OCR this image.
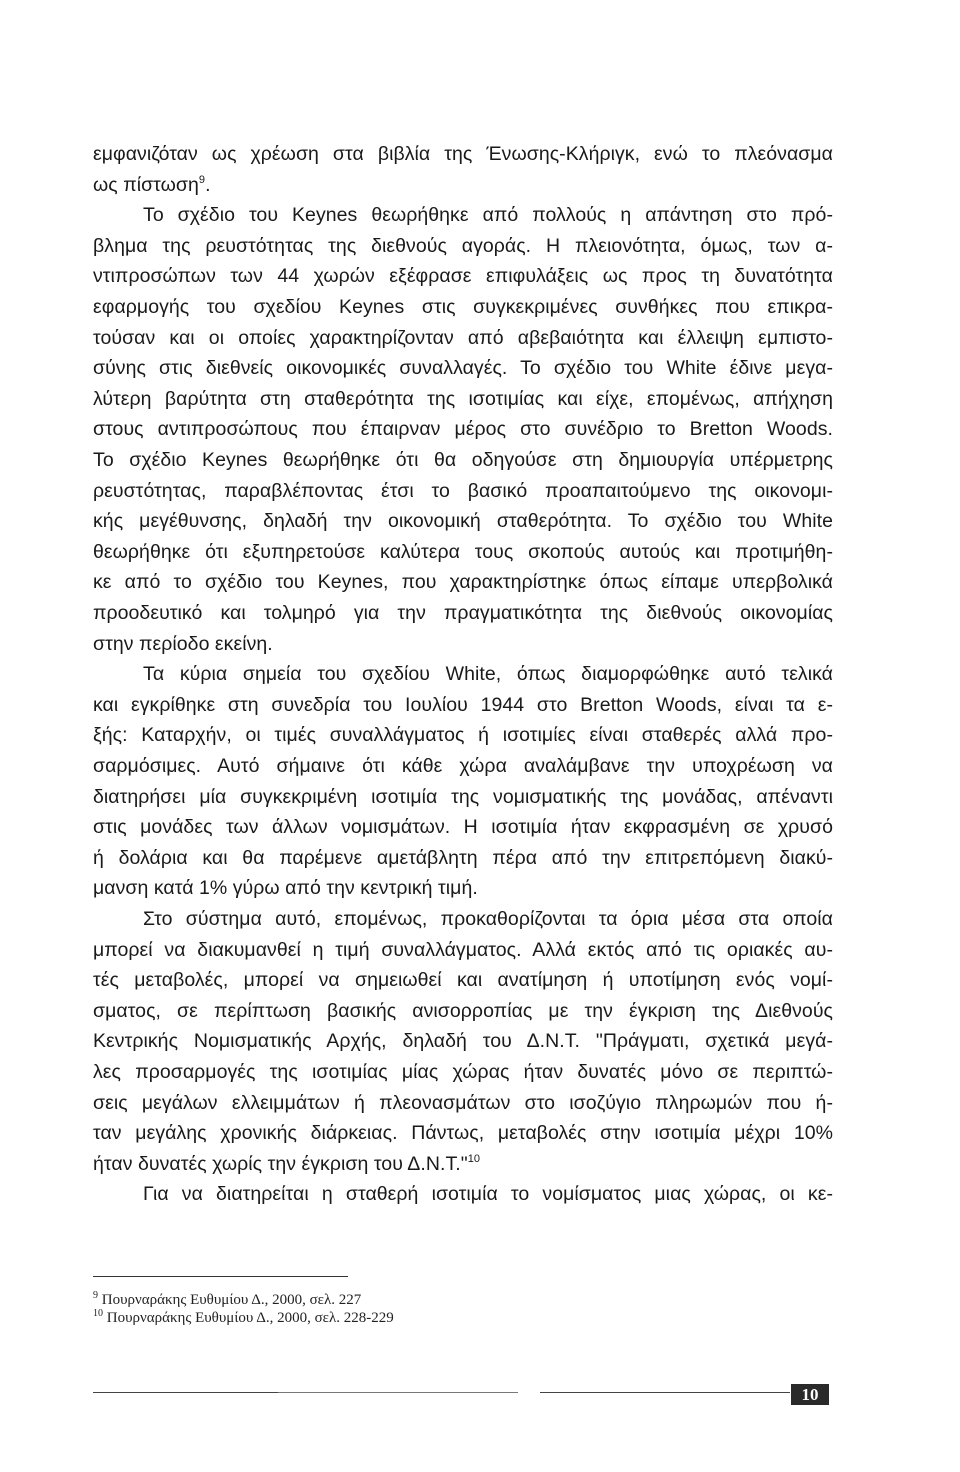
εμφανιζόταν ως χρέωση στα βιβλία της Ένωσης-Κλήριγκ, ενώ το πλεόνασμα
ως πίστωση$^9$.
Το σχέδιο του Keynes θεωρήθηκε από πολλούς η απάντηση στο πρό-
βλημα της ρευστότητας της διεθνούς αγοράς. Η πλειονότητα, όμως, των α-
ντιπροσώπων των 44 χωρών εξέφρασε επιφυλάξεις ως προς τη δυνατότητα
εφαρμογής του σχεδίου Keynes στις συγκεκριμένες συνθήκες που επικρα-
τούσαν και οι οποίες χαρακτηρίζονταν από αβεβαιότητα και έλλειψη εμπιστο-
σύνης στις διεθνείς οικονομικές συναλλαγές. Το σχέδιο του White έδινε μεγα-
λύτερη βαρύτητα στη σταθερότητα της ισοτιμίας και είχε, επομένως, απήχηση
στους αντιπροσώπους που έπαιρναν μέρος στο συνέδριο το Bretton Woods.
Το σχέδιο Keynes θεωρήθηκε ότι θα οδηγούσε στη δημιουργία υπέρμετρης
ρευστότητας, παραβλέποντας έτσι το βασικό προαπαιτούμενο της οικονομι-
κής μεγέθυνσης, δηλαδή την οικονομική σταθερότητα. Το σχέδιο του White
θεωρήθηκε ότι εξυπηρετούσε καλύτερα τους σκοπούς αυτούς και προτιμήθη-
κε από το σχέδιο του Keynes, που χαρακτηρίστηκε όπως είπαμε υπερβολικά
προοδευτικό και τολμηρό για την πραγματικότητα της διεθνούς οικονομίας
στην περίοδο εκείνη.
Τα κύρια σημεία του σχεδίου White, όπως διαμορφώθηκε αυτό τελικά
και εγκρίθηκε στη συνεδρία του Ιουλίου 1944 στο Bretton Woods, είναι τα ε-
ξής: Καταρχήν, οι τιμές συναλλάγματος ή ισοτιμίες είναι σταθερές αλλά προ-
σαρμόσιμες. Αυτό σήμαινε ότι κάθε χώρα αναλάμβανε την υποχρέωση να
διατηρήσει μία συγκεκριμένη ισοτιμία της νομισματικής της μονάδας, απέναντι
στις μονάδες των άλλων νομισμάτων. Η ισοτιμία ήταν εκφρασμένη σε χρυσό
ή δολάρια και θα παρέμενε αμετάβλητη πέρα από την επιτρεπόμενη διακύ-
μανση κατά 1% γύρω από την κεντρική τιμή.
Στο σύστημα αυτό, επομένως, προκαθορίζονται τα όρια μέσα στα οποία
μπορεί να διακυμανθεί η τιμή συναλλάγματος. Αλλά εκτός από τις οριακές αυ-
τές μεταβολές, μπορεί να σημειωθεί και ανατίμηση ή υποτίμηση ενός νομί-
σματος, σε περίπτωση βασικής ανισορροπίας με την έγκριση της Διεθνούς
Κεντρικής Νομισματικής Αρχής, δηλαδή του Δ.Ν.Τ. "Πράγματι, σχετικά μεγά-
λες προσαρμογές της ισοτιμίας μίας χώρας ήταν δυνατές μόνο σε περιπτώ-
σεις μεγάλων ελλειμμάτων ή πλεονασμάτων στο ισοζύγιο πληρωμών που ή-
ταν μεγάλης χρονικής διάρκειας. Πάντως, μεταβολές στην ισοτιμία μέχρι 10%
ήταν δυνατές χωρίς την έγκριση του Δ.Ν.Τ."$^{10}$
Για να διατηρείται η σταθερή ισοτιμία το νομίσματος μιας χώρας, οι κε-
$^9$ Πουρναράκης Ευθυμίου Δ., 2000, σελ. 227
$^{10}$ Πουρναράκης Ευθυμίου Δ., 2000, σελ. 228-229
10
